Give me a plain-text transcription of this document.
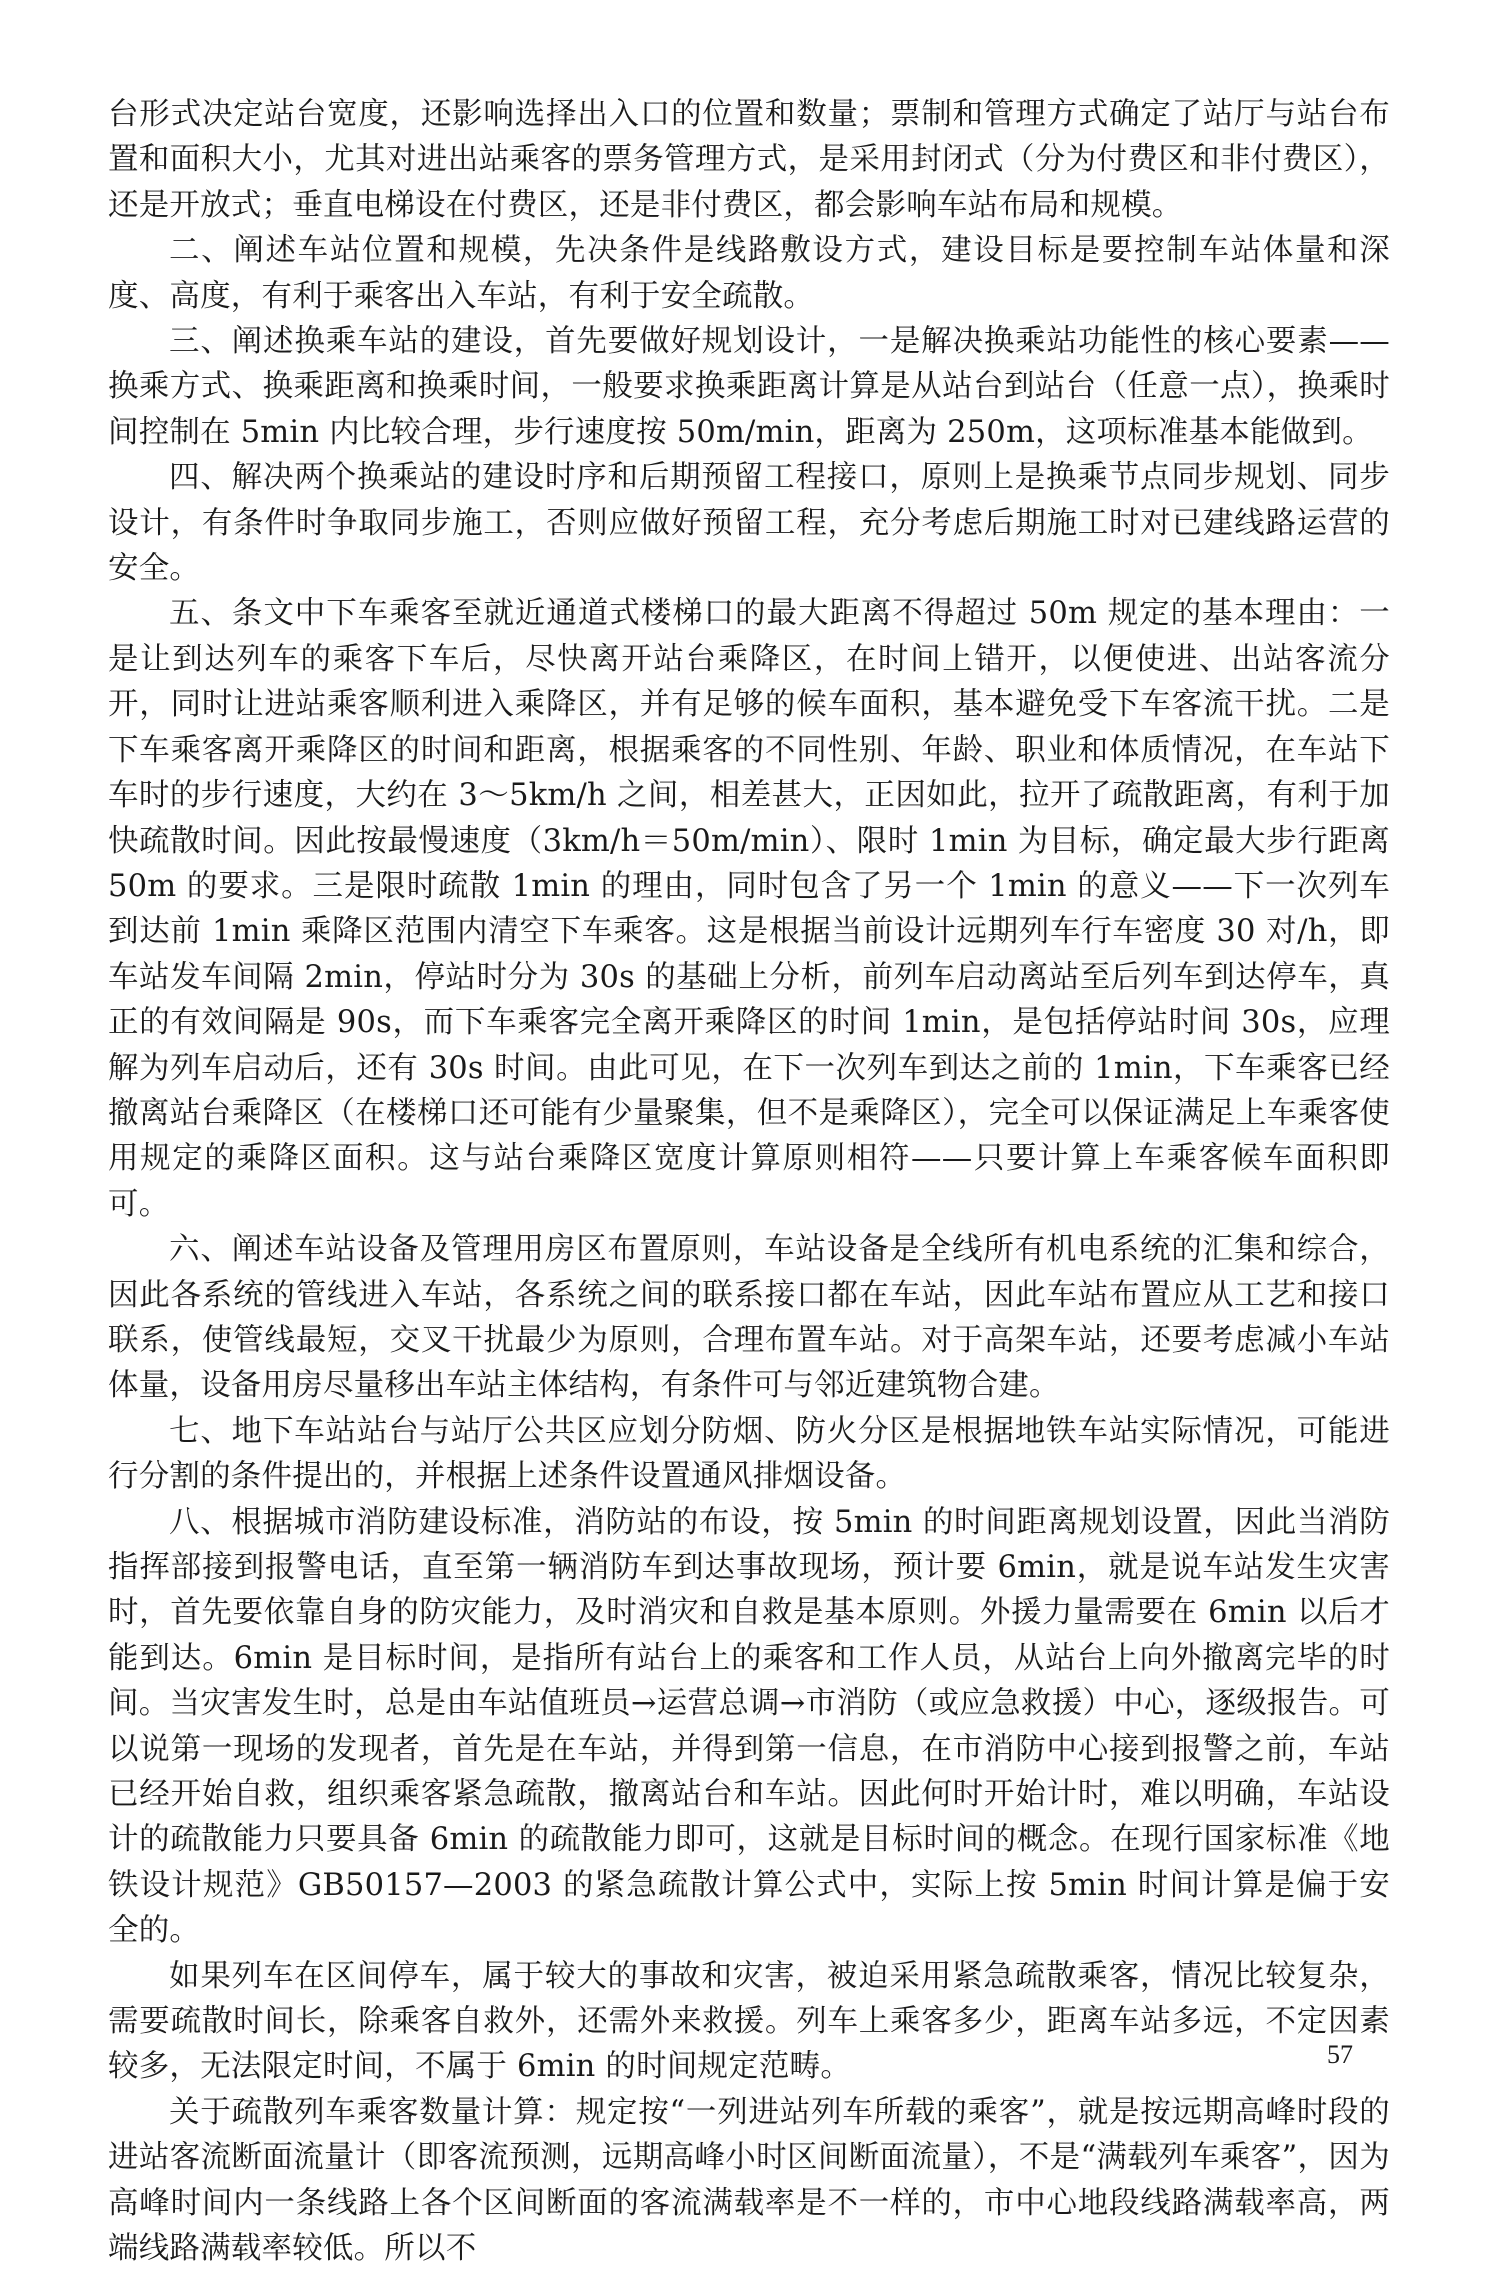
台形式决定站台宽度，还影响选择出入口的位置和数量；票制和管理方式确定了站厅与站台布置和面积大小，尤其对进出站乘客的票务管理方式，是采用封闭式（分为付费区和非付费区），还是开放式；垂直电梯设在付费区，还是非付费区，都会影响车站布局和规模。

二、阐述车站位置和规模，先决条件是线路敷设方式，建设目标是要控制车站体量和深度、高度，有利于乘客出入车站，有利于安全疏散。

三、阐述换乘车站的建设，首先要做好规划设计，一是解决换乘站功能性的核心要素——换乘方式、换乘距离和换乘时间，一般要求换乘距离计算是从站台到站台（任意一点），换乘时间控制在 5min 内比较合理，步行速度按 50m/min，距离为 250m，这项标准基本能做到。

四、解决两个换乘站的建设时序和后期预留工程接口，原则上是换乘节点同步规划、同步设计，有条件时争取同步施工，否则应做好预留工程，充分考虑后期施工时对已建线路运营的安全。

五、条文中下车乘客至就近通道式楼梯口的最大距离不得超过 50m 规定的基本理由：一是让到达列车的乘客下车后，尽快离开站台乘降区，在时间上错开，以便使进、出站客流分开，同时让进站乘客顺利进入乘降区，并有足够的候车面积，基本避免受下车客流干扰。二是下车乘客离开乘降区的时间和距离，根据乘客的不同性别、年龄、职业和体质情况，在车站下车时的步行速度，大约在 3～5km/h 之间，相差甚大，正因如此，拉开了疏散距离，有利于加快疏散时间。因此按最慢速度（3km/h＝50m/min）、限时 1min 为目标，确定最大步行距离 50m 的要求。三是限时疏散 1min 的理由，同时包含了另一个 1min 的意义——下一次列车到达前 1min 乘降区范围内清空下车乘客。这是根据当前设计远期列车行车密度 30 对/h，即车站发车间隔 2min，停站时分为 30s 的基础上分析，前列车启动离站至后列车到达停车，真正的有效间隔是 90s，而下车乘客完全离开乘降区的时间 1min，是包括停站时间 30s，应理解为列车启动后，还有 30s 时间。由此可见，在下一次列车到达之前的 1min，下车乘客已经撤离站台乘降区（在楼梯口还可能有少量聚集，但不是乘降区），完全可以保证满足上车乘客使用规定的乘降区面积。这与站台乘降区宽度计算原则相符——只要计算上车乘客候车面积即可。

六、阐述车站设备及管理用房区布置原则，车站设备是全线所有机电系统的汇集和综合，因此各系统的管线进入车站，各系统之间的联系接口都在车站，因此车站布置应从工艺和接口联系，使管线最短，交叉干扰最少为原则，合理布置车站。对于高架车站，还要考虑减小车站体量，设备用房尽量移出车站主体结构，有条件可与邻近建筑物合建。

七、地下车站站台与站厅公共区应划分防烟、防火分区是根据地铁车站实际情况，可能进行分割的条件提出的，并根据上述条件设置通风排烟设备。

八、根据城市消防建设标准，消防站的布设，按 5min 的时间距离规划设置，因此当消防指挥部接到报警电话，直至第一辆消防车到达事故现场，预计要 6min，就是说车站发生灾害时，首先要依靠自身的防灾能力，及时消灾和自救是基本原则。外援力量需要在 6min 以后才能到达。6min 是目标时间，是指所有站台上的乘客和工作人员，从站台上向外撤离完毕的时间。当灾害发生时，总是由车站值班员→运营总调→市消防（或应急救援）中心，逐级报告。可以说第一现场的发现者，首先是在车站，并得到第一信息，在市消防中心接到报警之前，车站已经开始自救，组织乘客紧急疏散，撤离站台和车站。因此何时开始计时，难以明确，车站设计的疏散能力只要具备 6min 的疏散能力即可，这就是目标时间的概念。在现行国家标准《地铁设计规范》GB50157—2003 的紧急疏散计算公式中，实际上按 5min 时间计算是偏于安全的。

如果列车在区间停车，属于较大的事故和灾害，被迫采用紧急疏散乘客，情况比较复杂，需要疏散时间长，除乘客自救外，还需外来救援。列车上乘客多少，距离车站多远，不定因素较多，无法限定时间，不属于 6min 的时间规定范畴。

关于疏散列车乘客数量计算：规定按“一列进站列车所载的乘客”，就是按远期高峰时段的进站客流断面流量计（即客流预测，远期高峰小时区间断面流量），不是“满载列车乘客”，因为高峰时间内一条线路上各个区间断面的客流满载率是不一样的，市中心地段线路满载率高，两端线路满载率较低。所以不

57
